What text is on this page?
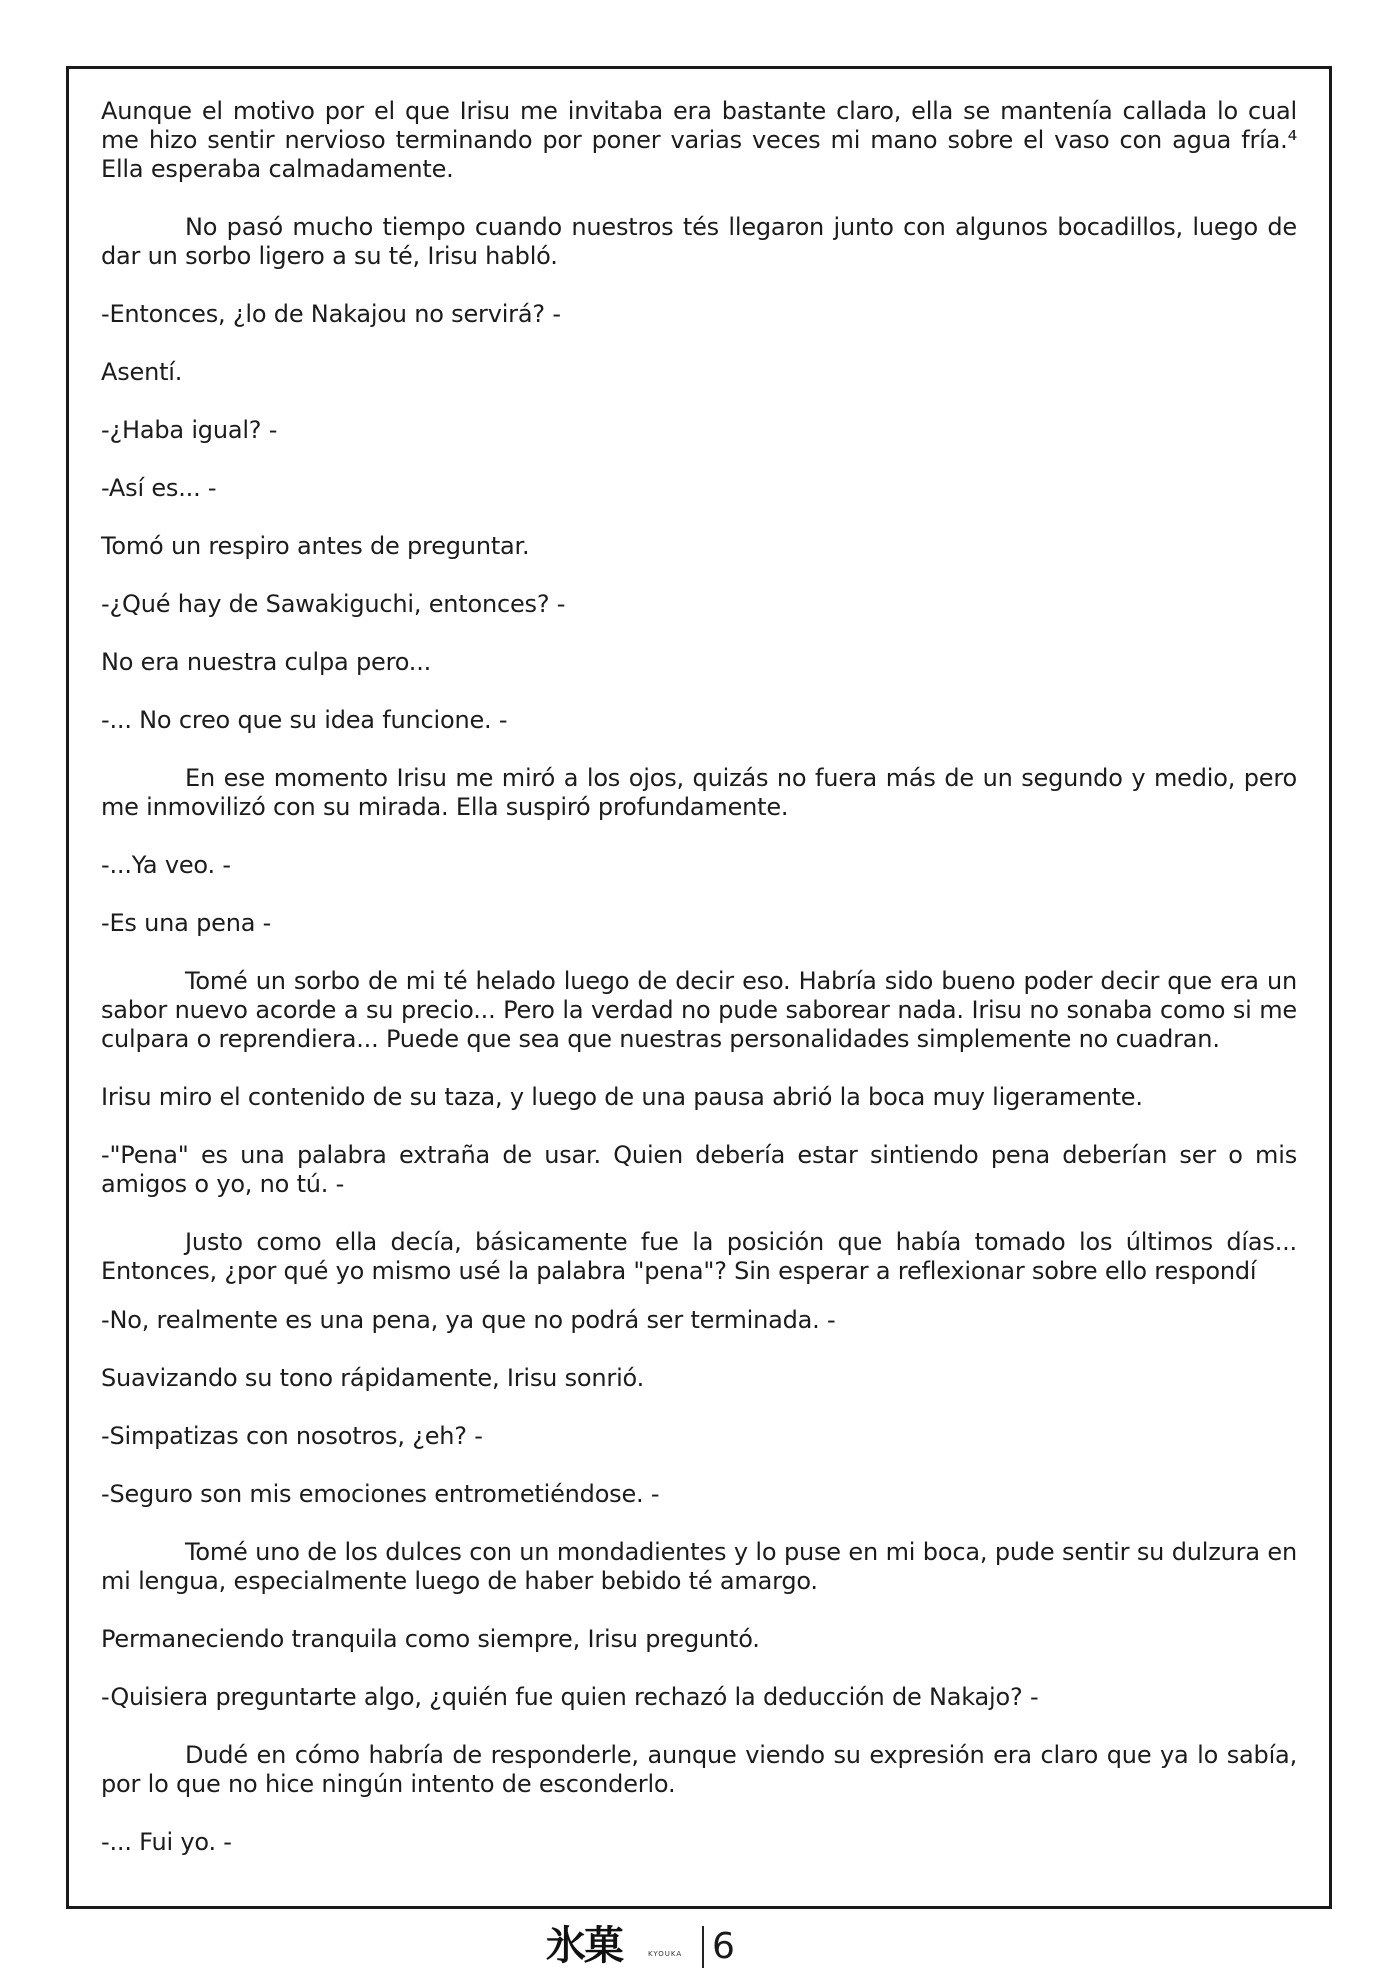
Aunque el motivo por el que Irisu me invitaba era bastante claro, ella se mantenía callada lo cual me hizo sentir nervioso terminando por poner varias veces mi mano sobre el vaso con agua fría.⁴ Ella esperaba calmadamente.

No pasó mucho tiempo cuando nuestros tés llegaron junto con algunos bocadillos, luego de dar un sorbo ligero a su té, Irisu habló.

-Entonces, ¿lo de Nakajou no servirá? -

Asentí.

-¿Haba igual? -

-Así es... -

Tomó un respiro antes de preguntar.

-¿Qué hay de Sawakiguchi, entonces? -

No era nuestra culpa pero...

-... No creo que su idea funcione. -

En ese momento Irisu me miró a los ojos, quizás no fuera más de un segundo y medio, pero me inmovilizó con su mirada. Ella suspiró profundamente.

-...Ya veo. -

-Es una pena -

Tomé un sorbo de mi té helado luego de decir eso. Habría sido bueno poder decir que era un sabor nuevo acorde a su precio... Pero la verdad no pude saborear nada. Irisu no sonaba como si me culpara o reprendiera... Puede que sea que nuestras personalidades simplemente no cuadran.

Irisu miro el contenido de su taza, y luego de una pausa abrió la boca muy ligeramente.

-"Pena" es una palabra extraña de usar. Quien debería estar sintiendo pena deberían ser o mis amigos o yo, no tú. -

Justo como ella decía, básicamente fue la posición que había tomado los últimos días... Entonces, ¿por qué yo mismo usé la palabra "pena"? Sin esperar a reflexionar sobre ello respondí

-No, realmente es una pena, ya que no podrá ser terminada. -

Suavizando su tono rápidamente, Irisu sonrió.

-Simpatizas con nosotros, ¿eh? -

-Seguro son mis emociones entrometiéndose. -

Tomé uno de los dulces con un mondadientes y lo puse en mi boca, pude sentir su dulzura en mi lengua, especialmente luego de haber bebido té amargo.

Permaneciendo tranquila como siempre, Irisu preguntó.

-Quisiera preguntarte algo, ¿quién fue quien rechazó la deducción de Nakajo? -

Dudé en cómo habría de responderle, aunque viendo su expresión era claro que ya lo sabía, por lo que no hice ningún intento de esconderlo.

-... Fui yo. -

氷菓	KYOUKA 6
